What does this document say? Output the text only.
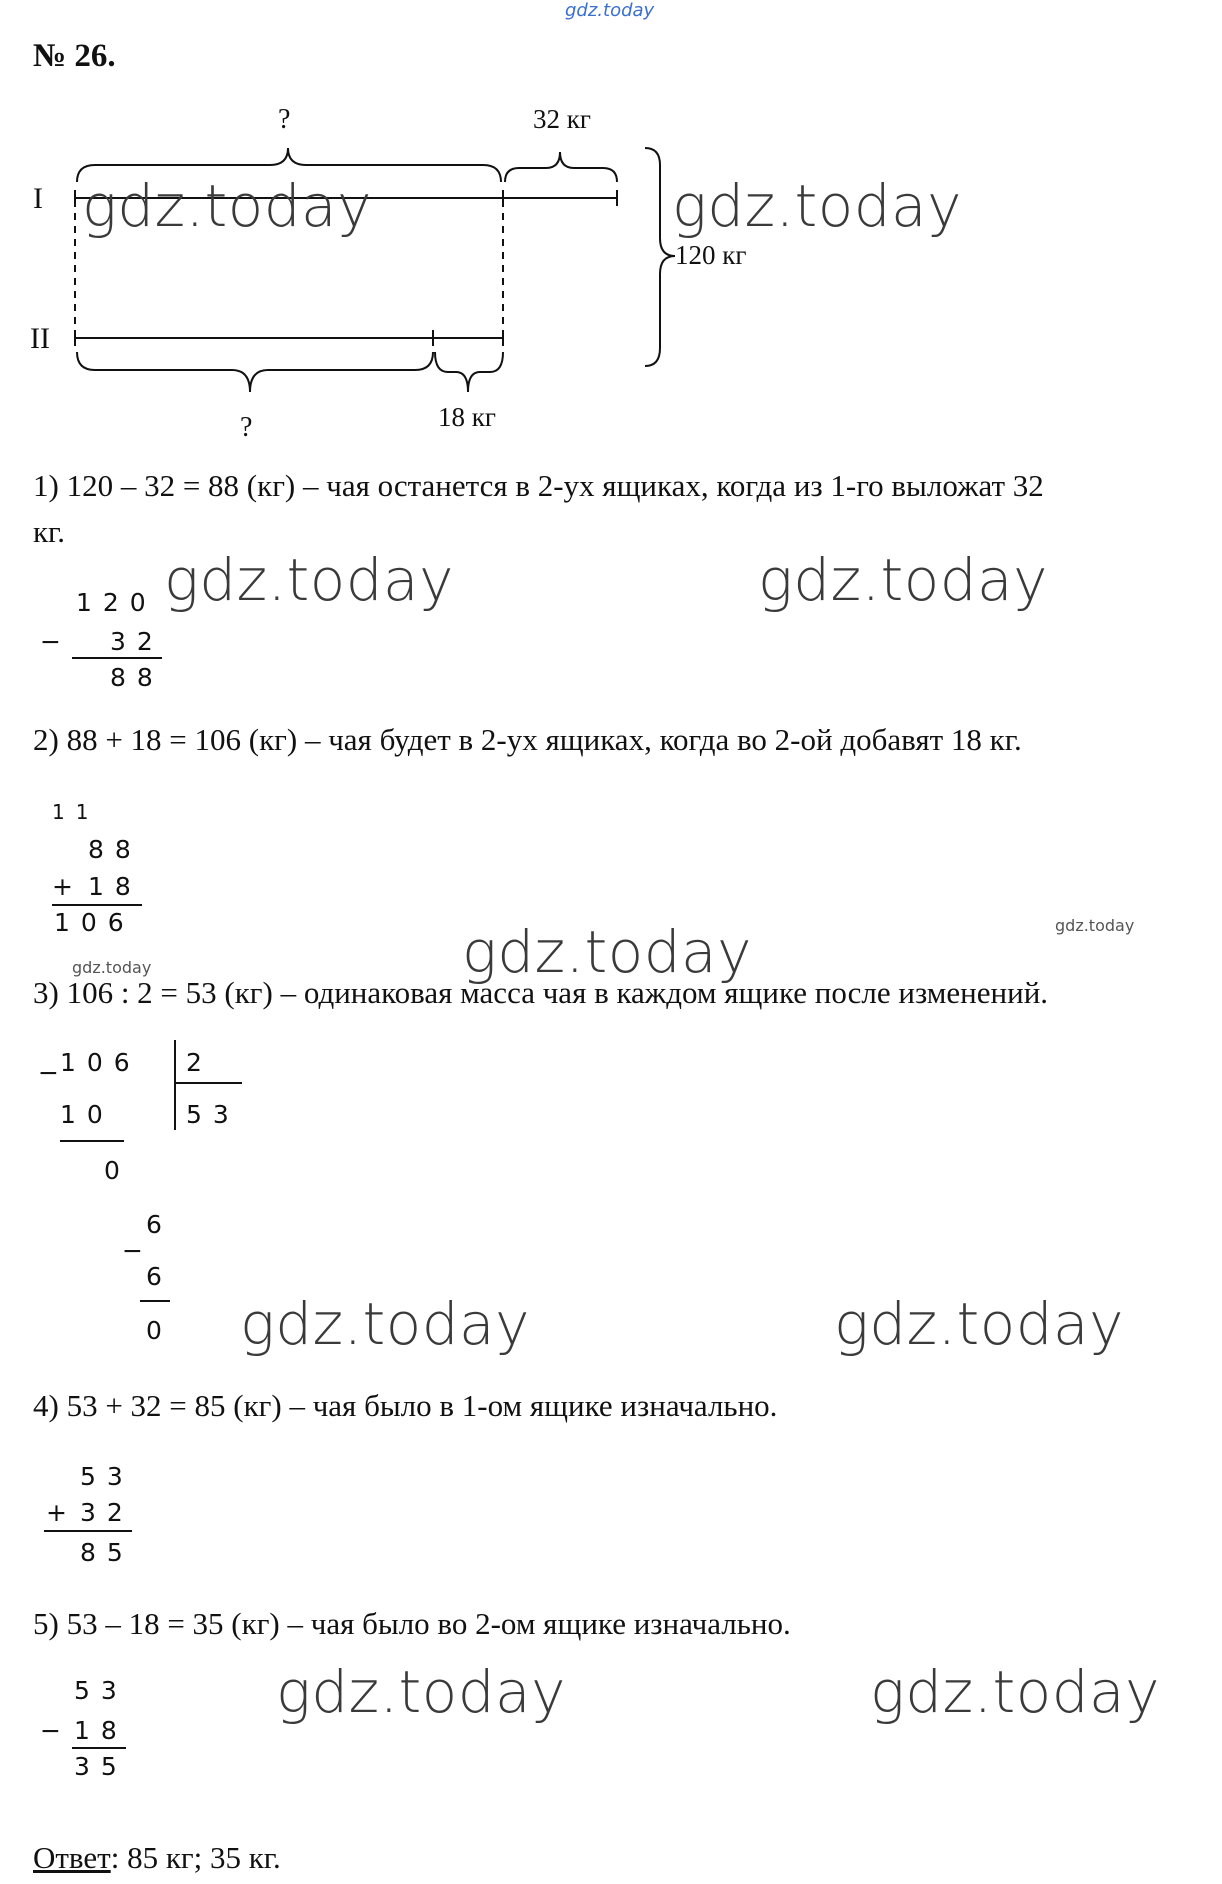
gdz.today
№ 26.
I
II
?	32 кг
?	18 кг
120 кг
1) 120 – 32 = 88 (кг) – чая останется в 2-ух ящиках, когда из 1-го выложат 32
кг.
120
− 32
88
2) 88 + 18 = 106 (кг) – чая будет в 2-ух ящиках, когда во 2-ой добавят 18 кг.
11
88
+ 18
106
3) 106 : 2 = 53 (кг) – одинаковая масса чая в каждом ящике после изменений.
106 2
53
−
10
0
6
−
6
0
4) 53 + 32 = 85 (кг) – чая было в 1-ом ящике изначально.
53
+ 32
85
5) 53 – 18 = 35 (кг) – чая было во 2-ом ящике изначально.
53
− 18
35
Ответ: 85 кг; 35 кг.
gdz.today	gdz.today
gdz.today	gdz.today
gdz.today	gdz.today
gdz.today
gdz.today	gdz.today
gdz.today	gdz.today
